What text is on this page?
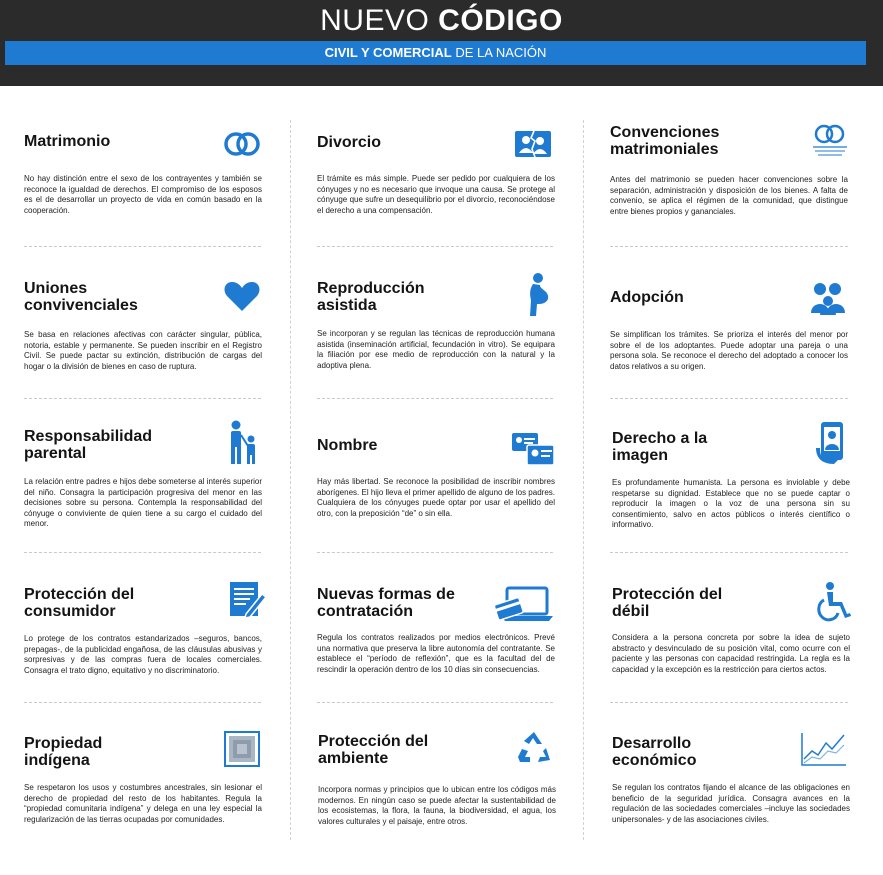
NUEVO CÓDIGO
CIVIL Y COMERCIAL DE LA NACIÓN
Matrimonio

No hay distinción entre el sexo de los contrayentes y también se reconoce la igualdad de derechos. El compromiso de los esposos es el de desarrollar un proyecto de vida en común basado en la cooperación.

Divorcio

El trámite es más simple. Puede ser pedido por cualquiera de los cónyuges y no es necesario que invoque una causa. Se protege al cónyuge que sufre un desequilibrio por el divorcio, reconociéndose el derecho a una compensación.

Convenciones matrimoniales

Antes del matrimonio se pueden hacer convenciones sobre la separación, administración y disposición de los bienes. A falta de convenio, se aplica el régimen de la comunidad, que distingue entre bienes propios y gananciales.

Uniones convivenciales

Se basa en relaciones afectivas con carácter singular, pública, notoria, estable y permanente. Se pueden inscribir en el Registro Civil. Se puede pactar su extinción, distribución de cargas del hogar o la división de bienes en caso de ruptura.

Reproducción asistida

Se incorporan y se regulan las técnicas de reproducción humana asistida (inseminación artificial, fecundación in vitro). Se equipara la filiación por ese medio de reproducción con la natural y la adoptiva plena.

Adopción

Se simplifican los trámites. Se prioriza el interés del menor por sobre el de los adoptantes. Puede adoptar una pareja o una persona sola. Se reconoce el derecho del adoptado a conocer los datos relativos a su origen.

Responsabilidad parental

La relación entre padres e hijos debe someterse al interés superior del niño. Consagra la participación progresiva del menor en las decisiones sobre su persona. Contempla la responsabilidad del cónyuge o conviviente de quien tiene a su cargo el cuidado del menor.

Nombre

Hay más libertad. Se reconoce la posibilidad de inscribir nombres aborígenes. El hijo lleva el primer apellido de alguno de los padres. Cualquiera de los cónyuges puede optar por usar el apellido del otro, con la preposición “de” o sin ella.

Derecho a la imagen

Es profundamente humanista. La persona es inviolable y debe respetarse su dignidad. Establece que no se puede captar o reproducir la imagen o la voz de una persona sin su consentimiento, salvo en actos públicos o interés científico o informativo.

Protección del consumidor

Lo protege de los contratos estandarizados –seguros, bancos, prepagas-, de la publicidad engañosa, de las cláusulas abusivas y sorpresivas y de las compras fuera de locales comerciales. Consagra el trato digno, equitativo y no discriminatorio.

Nuevas formas de contratación

Regula los contratos realizados por medios electrónicos. Prevé una normativa que preserva la libre autonomía del contratante. Se establece el “período de reflexión”, que es la facultad del de rescindir la operación dentro de los 10 días sin consecuencias.

Protección del débil

Considera a la persona concreta por sobre la idea de sujeto abstracto y desvinculado de su posición vital, como ocurre con el paciente y las personas con capacidad restringida. La regla es la capacidad y la excepción es la restricción para ciertos actos.

Propiedad indígena

Se respetaron los usos y costumbres ancestrales, sin lesionar el derecho de propiedad del resto de los habitantes. Regula la “propiedad comunitaria indígena” y delega en una ley especial la regularización de las tierras ocupadas por comunidades.

Protección del ambiente

Incorpora normas y principios que lo ubican entre los códigos más modernos. En ningún caso se puede afectar la sustentabilidad de los ecosistemas, la flora, la fauna, la biodiversidad, el agua, los valores culturales y el paisaje, entre otros.

Desarrollo económico

Se regulan los contratos fijando el alcance de las obligaciones en beneficio de la seguridad jurídica. Consagra avances en la regulación de las sociedades comerciales –incluye las sociedades unipersonales- y de las asociaciones civiles.
